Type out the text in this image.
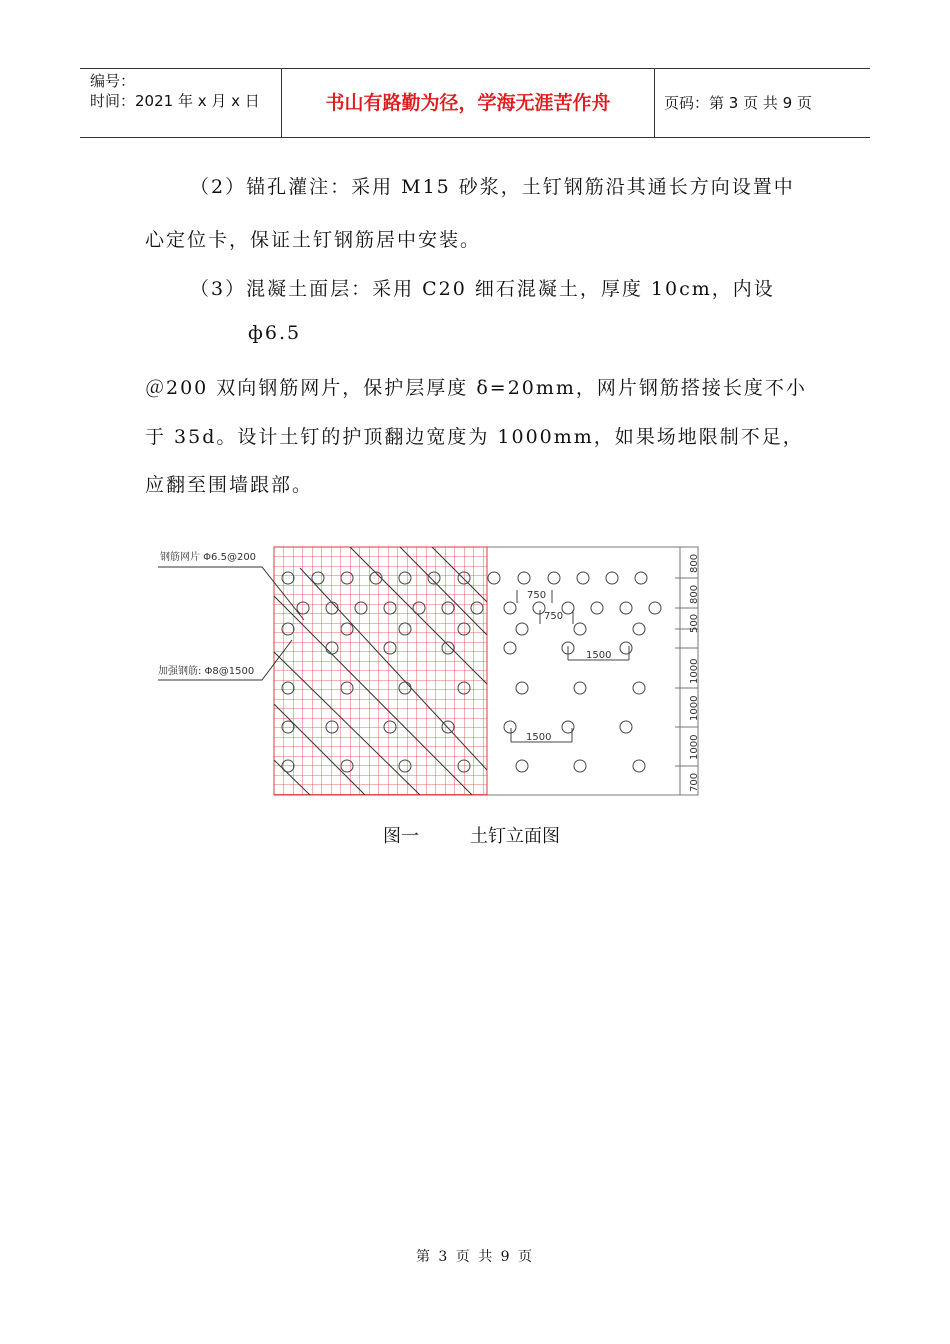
编号：
时间：2021 年 x 月 x 日	书山有路勤为径，学海无涯苦作舟	页码：第 3 页 共 9 页
（2）锚孔灌注：采用 M15 砂浆，土钉钢筋沿其通长方向设置中
心定位卡，保证土钉钢筋居中安装。
（3）混凝土面层：采用 C20 细石混凝土，厚度 10cm，内设
ф6.5
＠200 双向钢筋网片，保护层厚度 δ=20mm，网片钢筋搭接长度不小
于 35d。设计土钉的护顶翻边宽度为 1000mm，如果场地限制不足，
应翻至围墙跟部。
钢筋网片 Φ6.5@200
加强钢筋: Φ8@1500
750
750
1500
1500
800
800
500
1000
1000
1000
700
图一	土钉立面图
第 3 页 共 9 页
